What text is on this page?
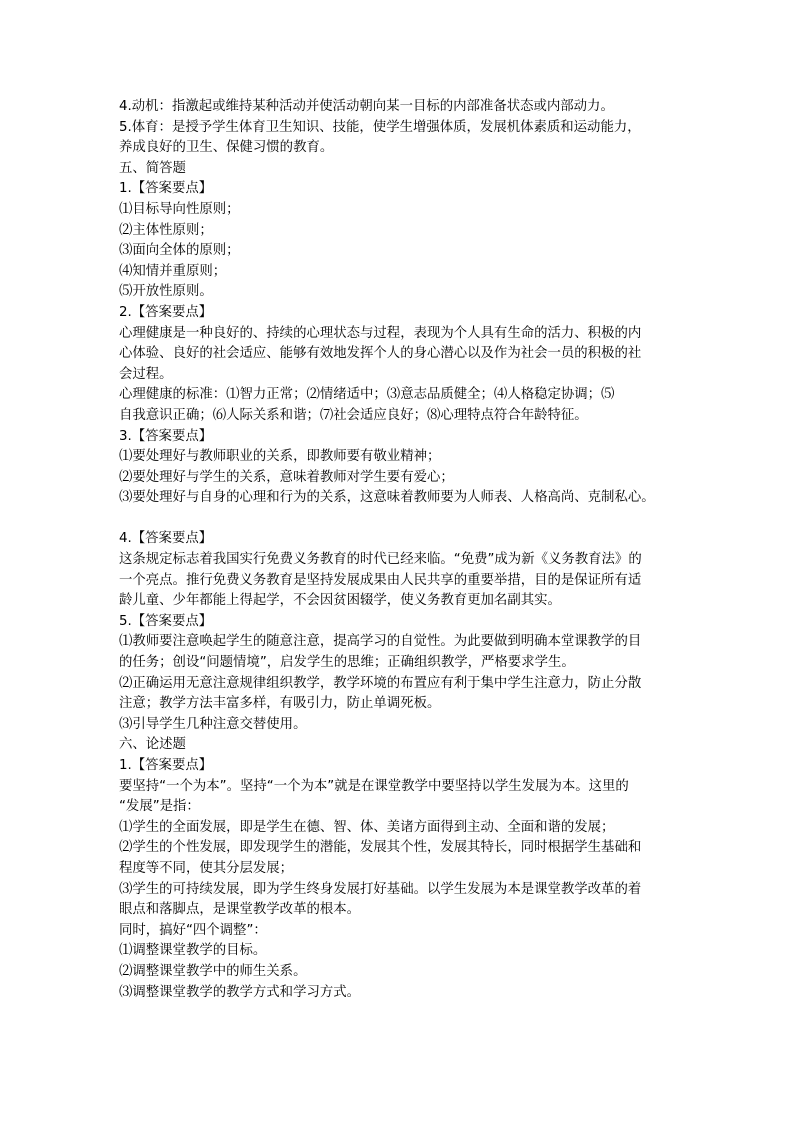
4.动机：指激起或维持某种活动并使活动朝向某一目标的内部准备状态或内部动力。

5.体育：是授予学生体育卫生知识、技能，使学生增强体质，发展机体素质和运动能力，

养成良好的卫生、保健习惯的教育。

五、简答题

1.【答案要点】

⑴目标导向性原则；

⑵主体性原则；

⑶面向全体的原则；

⑷知情并重原则；

⑸开放性原则。

2.【答案要点】

心理健康是一种良好的、持续的心理状态与过程，表现为个人具有生命的活力、积极的内

心体验、良好的社会适应、能够有效地发挥个人的身心潜心以及作为社会一员的积极的社

会过程。

心理健康的标准：⑴智力正常；⑵情绪适中；⑶意志品质健全；⑷人格稳定协调；⑸

自我意识正确；⑹人际关系和谐；⑺社会适应良好；⑻心理特点符合年龄特征。

3.【答案要点】

⑴要处理好与教师职业的关系，即教师要有敬业精神；

⑵要处理好与学生的关系，意味着教师对学生要有爱心；

⑶要处理好与自身的心理和行为的关系，这意味着教师要为人师表、人格高尚、克制私心。

4.【答案要点】

这条规定标志着我国实行免费义务教育的时代已经来临。“免费”成为新《义务教育法》的

一个亮点。推行免费义务教育是坚持发展成果由人民共享的重要举措，目的是保证所有适

龄儿童、少年都能上得起学，不会因贫困辍学，使义务教育更加名副其实。

5.【答案要点】

⑴教师要注意唤起学生的随意注意，提高学习的自觉性。为此要做到明确本堂课教学的目

的任务；创设“问题情境”，启发学生的思维；正确组织教学，严格要求学生。

⑵正确运用无意注意规律组织教学，教学环境的布置应有利于集中学生注意力，防止分散

注意；教学方法丰富多样，有吸引力，防止单调死板。

⑶引导学生几种注意交替使用。

六、论述题

1.【答案要点】

要坚持“一个为本”。坚持“一个为本”就是在课堂教学中要坚持以学生发展为本。这里的

“发展”是指：

⑴学生的全面发展，即是学生在德、智、体、美诸方面得到主动、全面和谐的发展；

⑵学生的个性发展，即发现学生的潜能，发展其个性，发展其特长，同时根据学生基础和

程度等不同，使其分层发展；

⑶学生的可持续发展，即为学生终身发展打好基础。以学生发展为本是课堂教学改革的着

眼点和落脚点，是课堂教学改革的根本。

同时，搞好“四个调整”：

⑴调整课堂教学的目标。

⑵调整课堂教学中的师生关系。

⑶调整课堂教学的教学方式和学习方式。
